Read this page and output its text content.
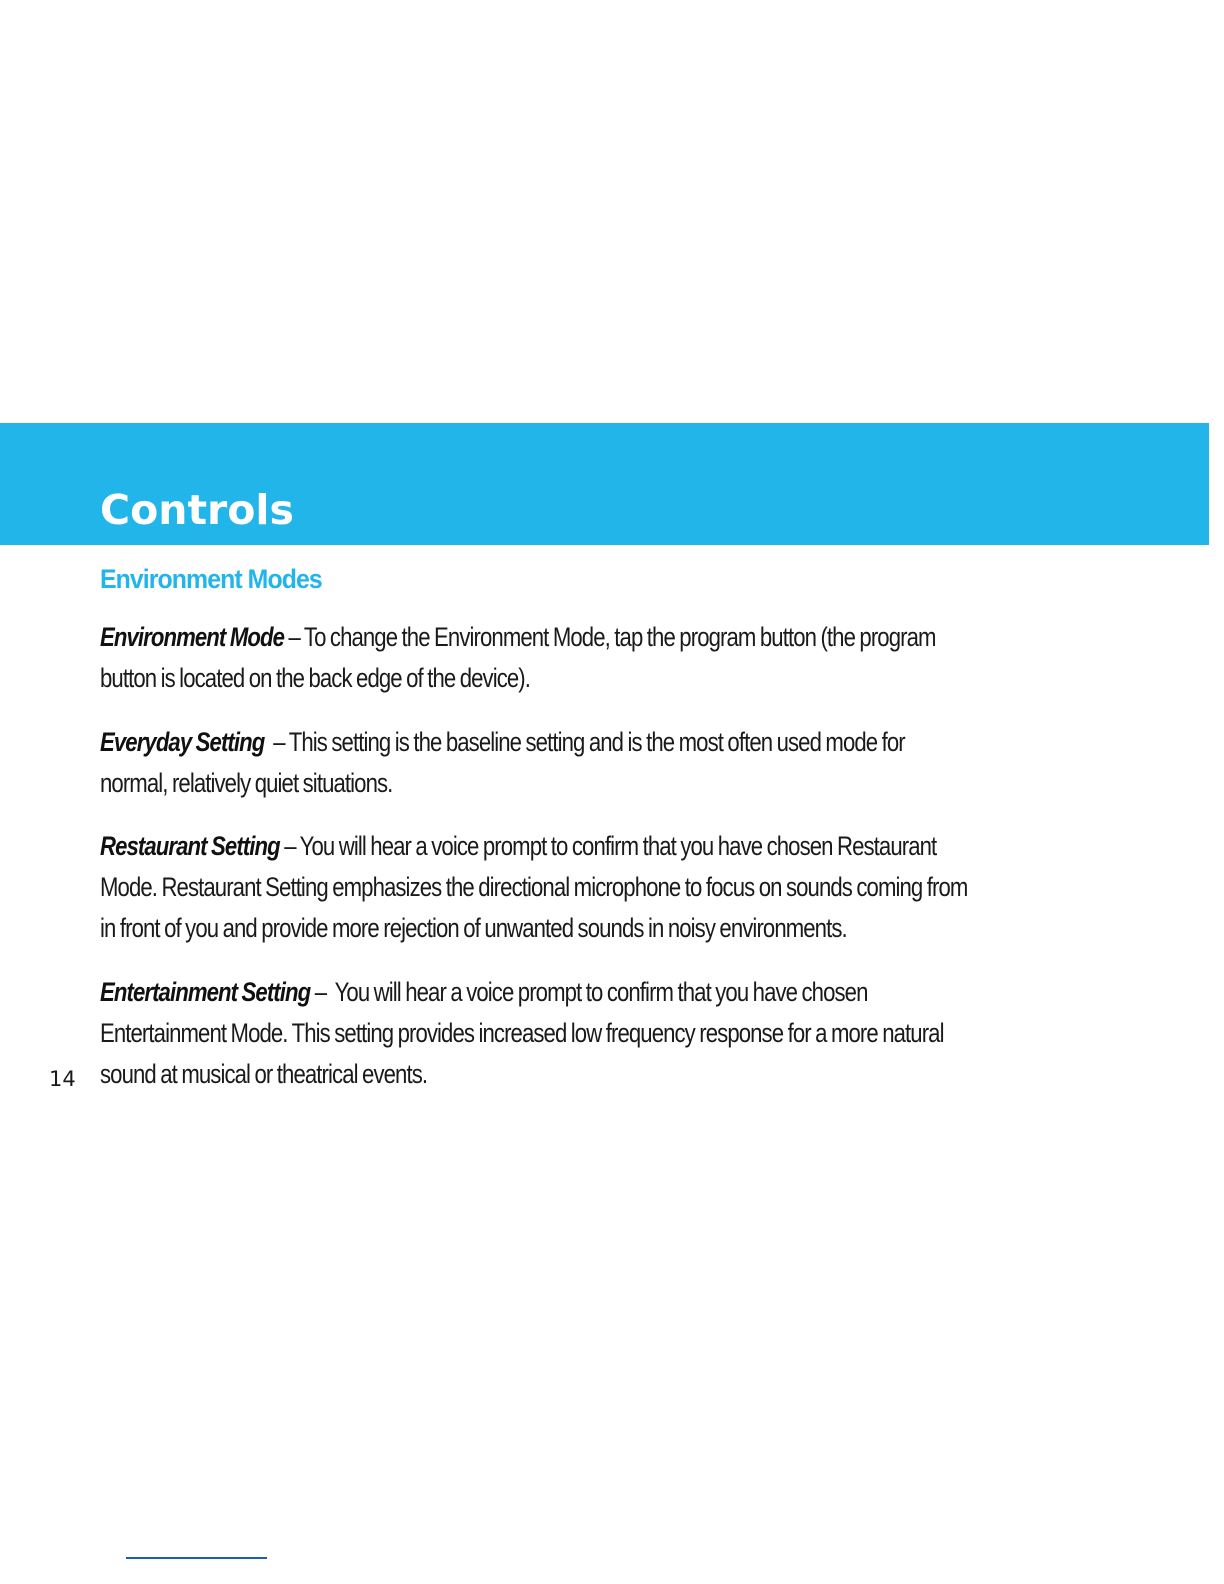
Controls
Environment Modes

Environment Mode – To change the Environment Mode, tap the program button (the program
button is located on the back edge of the device).

Everyday Setting  – This setting is the baseline setting and is the most often used mode for
normal, relatively quiet situations.

Restaurant Setting – You will hear a voice prompt to confirm that you have chosen Restaurant
Mode. Restaurant Setting emphasizes the directional microphone to focus on sounds coming from
in front of you and provide more rejection of unwanted sounds in noisy environments.

Entertainment Setting –  You will hear a voice prompt to confirm that you have chosen
Entertainment Mode. This setting provides increased low frequency response for a more natural
sound at musical or theatrical events.

14
